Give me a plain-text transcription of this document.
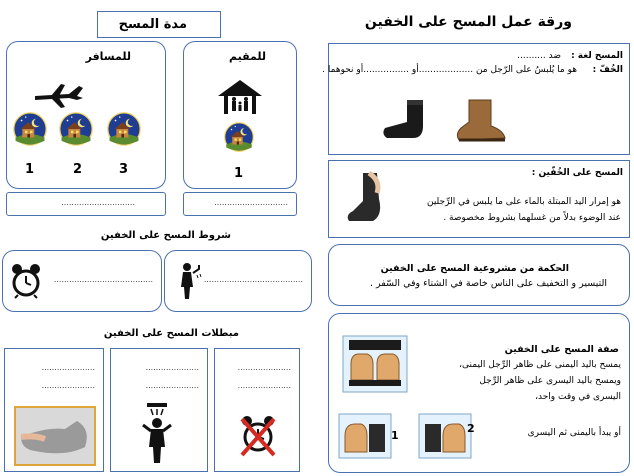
ورقة عمل المسح على الخفين
المسح لغة :
ضد ..........
الخُفّ :
هو ما يُلبسُ على الرّجل من ...................أو ................أو نحوهما .
المسح على الخُفّين :
هو إمرار اليد المبتلة بالماء على ما يلبس في الرِّجلين
عند الوضوء بدلاً من غسلهما بشروط مخصوصة .
الحكمة من مشروعية المسح على الخفين
التيسير و التخفيف على الناس خاصة في الشتاء وفي السّفر .
صفة المسح على الخفين
يمسح باليد اليمنى على ظاهر الرِّجل اليمنى،
ويمسح باليد اليسرى على ظاهر الرِّجل
اليسرى في وقت واحد،
أو يبدأ باليمنى ثم اليسرى
1
2
مدة المسح
للمسافر
1	2	3
للمقيم
1
.............................	.............................
شروط المسح على الخفين
.......................................	.......................................
مبطلات المسح على الخفين
.....................
.....................
.....................
.....................
.....................
.....................
